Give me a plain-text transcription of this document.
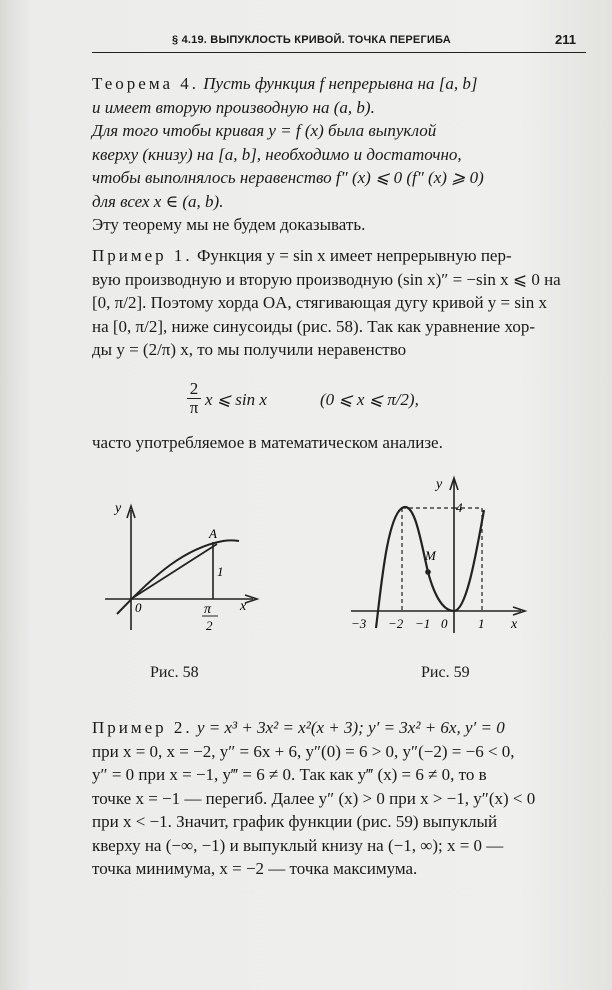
§ 4.19. ВЫПУКЛОСТЬ КРИВОЙ. ТОЧКА ПЕРЕГИБА	211
Теорема 4. Пусть функция f непрерывна на [a, b]
и имеет вторую производную на (a, b).
Для того чтобы кривая y = f (x) была выпуклой
кверху (книзу) на [a, b], необходимо и достаточно,
чтобы выполнялось неравенство f″ (x) ⩽ 0 (f″ (x) ⩾ 0)
для всех x ∈ (a, b).
Эту теорему мы не будем доказывать.
Пример 1. Функция y = sin x имеет непрерывную пер-
вую производную и вторую производную (sin x)″ = −sin x ⩽ 0 на
[0, π/2]. Поэтому хорда OA, стягивающая дугу кривой y = sin x
на [0, π/2], ниже синусоиды (рис. 58). Так как уравнение хор-
ды y = (2/π) x, то мы получили неравенство
2
π x ⩽ sin x	(0 ⩽ x ⩽ π/2),
часто употребляемое в математическом анализе.
y
0
A
1
π
2
x
−3 −2 −1 0 1
4
M
y
x
Рис. 58	Рис. 59
Пример 2. y = x³ + 3x² = x²(x + 3); y′ = 3x² + 6x, y′ = 0
при x = 0, x = −2, y″ = 6x + 6, y″(0) = 6 > 0, y″(−2) = −6 < 0,
y″ = 0 при x = −1, y‴ = 6 ≠ 0. Так как y‴ (x) = 6 ≠ 0, то в
точке x = −1 — перегиб. Далее y″ (x) > 0 при x > −1, y″(x) < 0
при x < −1. Значит, график функции (рис. 59) выпуклый
кверху на (−∞, −1) и выпуклый книзу на (−1, ∞); x = 0 —
точка минимума, x = −2 — точка максимума.
